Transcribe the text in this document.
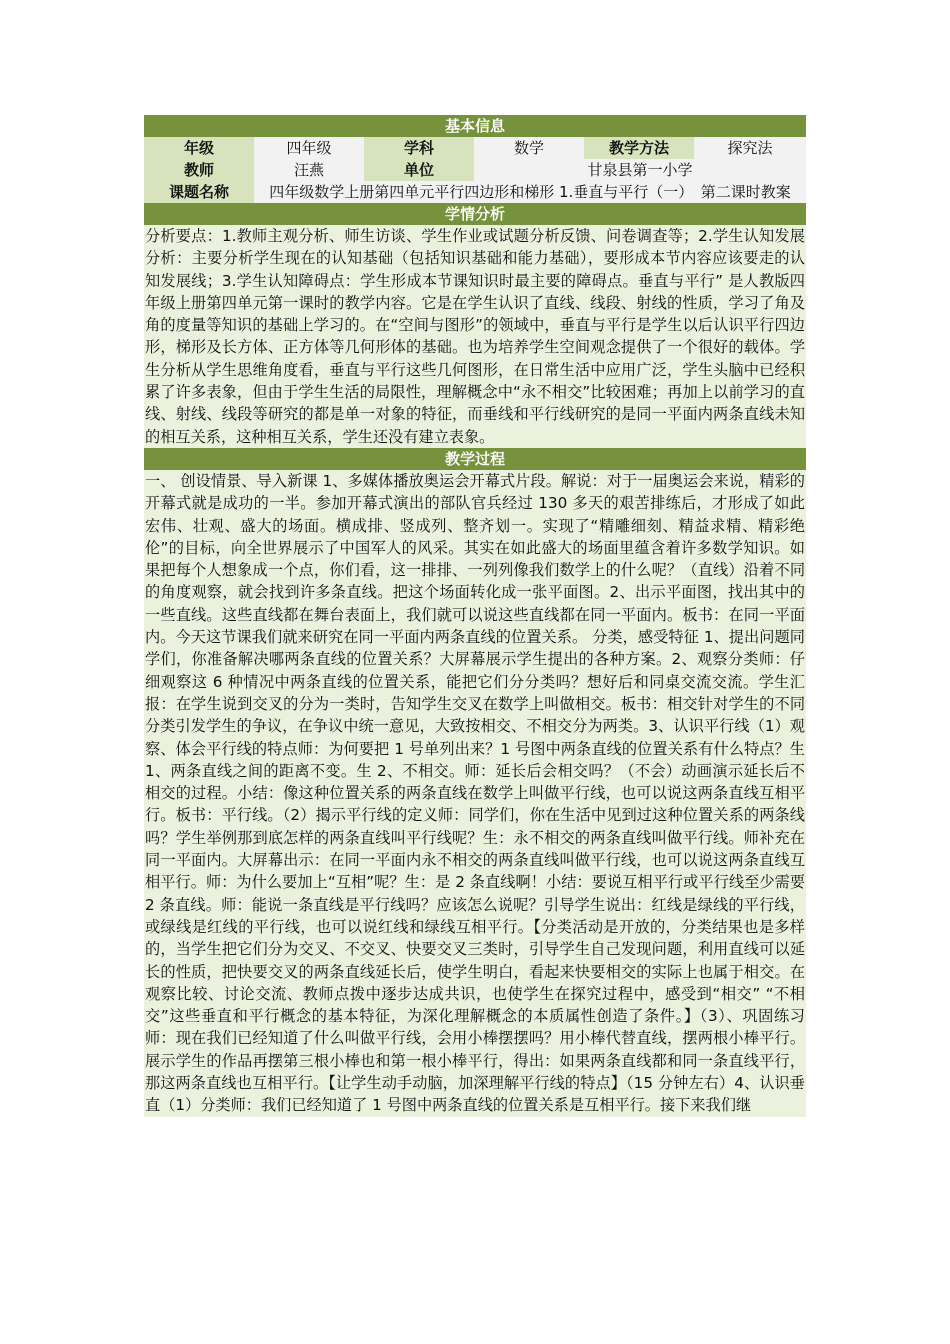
基本信息
年级	四年级	学科	数学	教学方法	探究法
教师	汪燕	单位	甘泉县第一小学
课题名称	四年级数学上册第四单元平行四边形和梯形 1.垂直与平行（一）　第二课时教案
学情分析
分析要点：1.教师主观分析、师生访谈、学生作业或试题分析反馈、问卷调查等；2.学生认知发展分析：主要分析学生现在的认知基础（包括知识基础和能力基础），要形成本节内容应该要走的认知发展线；3.学生认知障碍点：学生形成本节课知识时最主要的障碍点。垂直与平行” 是人教版四年级上册第四单元第一课时的教学内容。它是在学生认识了直线、线段、射线的性质，学习了角及角的度量等知识的基础上学习的。在“空间与图形”的领域中，垂直与平行是学生以后认识平行四边形，梯形及长方体、正方体等几何形体的基础。也为培养学生空间观念提供了一个很好的载体。学生分析从学生思维角度看，垂直与平行这些几何图形，在日常生活中应用广泛，学生头脑中已经积累了许多表象，但由于学生生活的局限性，理解概念中“永不相交”比较困难；再加上以前学习的直线、射线、线段等研究的都是单一对象的特征，而垂线和平行线研究的是同一平面内两条直线未知的相互关系，这种相互关系，学生还没有建立表象。
教学过程
一、 创设情景、导入新课 1、多媒体播放奥运会开幕式片段。解说：对于一届奥运会来说，精彩的开幕式就是成功的一半。参加开幕式演出的部队官兵经过 130 多天的艰苦排练后，才形成了如此宏伟、壮观、盛大的场面。横成排、竖成列、整齐划一。实现了“精雕细刻、精益求精、精彩绝伦”的目标，向全世界展示了中国军人的风采。其实在如此盛大的场面里蕴含着许多数学知识。如果把每个人想象成一个点，你们看，这一排排、一列列像我们数学上的什么呢？（直线）沿着不同的角度观察，就会找到许多条直线。把这个场面转化成一张平面图。2、出示平面图，找出其中的一些直线。这些直线都在舞台表面上，我们就可以说这些直线都在同一平面内。板书：在同一平面内。今天这节课我们就来研究在同一平面内两条直线的位置关系。 分类，感受特征 1、提出问题同学们，你准备解决哪两条直线的位置关系？大屏幕展示学生提出的各种方案。2、观察分类师：仔细观察这 6 种情况中两条直线的位置关系，能把它们分分类吗？想好后和同桌交流交流。学生汇报：在学生说到交叉的分为一类时，告知学生交叉在数学上叫做相交。板书：相交针对学生的不同分类引发学生的争议，在争议中统一意见，大致按相交、不相交分为两类。3、认识平行线（1）观察、体会平行线的特点师：为何要把 1 号单列出来？1 号图中两条直线的位置关系有什么特点？生 1、两条直线之间的距离不变。生 2、不相交。师：延长后会相交吗？（不会）动画演示延长后不相交的过程。小结：像这种位置关系的两条直线在数学上叫做平行线，也可以说这两条直线互相平行。板书：平行线。（2）揭示平行线的定义师：同学们，你在生活中见到过这种位置关系的两条线吗？学生举例那到底怎样的两条直线叫平行线呢？生：永不相交的两条直线叫做平行线。师补充在同一平面内。大屏幕出示：在同一平面内永不相交的两条直线叫做平行线，也可以说这两条直线互相平行。师：为什么要加上“互相”呢？生：是 2 条直线啊！小结：要说互相平行或平行线至少需要 2 条直线。师：能说一条直线是平行线吗？应该怎么说呢？引导学生说出：红线是绿线的平行线，或绿线是红线的平行线，也可以说红线和绿线互相平行。【分类活动是开放的，分类结果也是多样的，当学生把它们分为交叉、不交叉、快要交叉三类时，引导学生自己发现问题，利用直线可以延长的性质，把快要交叉的两条直线延长后，使学生明白，看起来快要相交的实际上也属于相交。在观察比较、讨论交流、教师点拨中逐步达成共识，也使学生在探究过程中，感受到“相交” “不相交”这些垂直和平行概念的基本特征，为深化理解概念的本质属性创造了条件。】（3）、巩固练习师：现在我们已经知道了什么叫做平行线，会用小棒摆摆吗？用小棒代替直线，摆两根小棒平行。展示学生的作品再摆第三根小棒也和第一根小棒平行，得出：如果两条直线都和同一条直线平行，那这两条直线也互相平行。【让学生动手动脑，加深理解平行线的特点】（15 分钟左右）4、认识垂直（1）分类师：我们已经知道了 1 号图中两条直线的位置关系是互相平行。接下来我们继
